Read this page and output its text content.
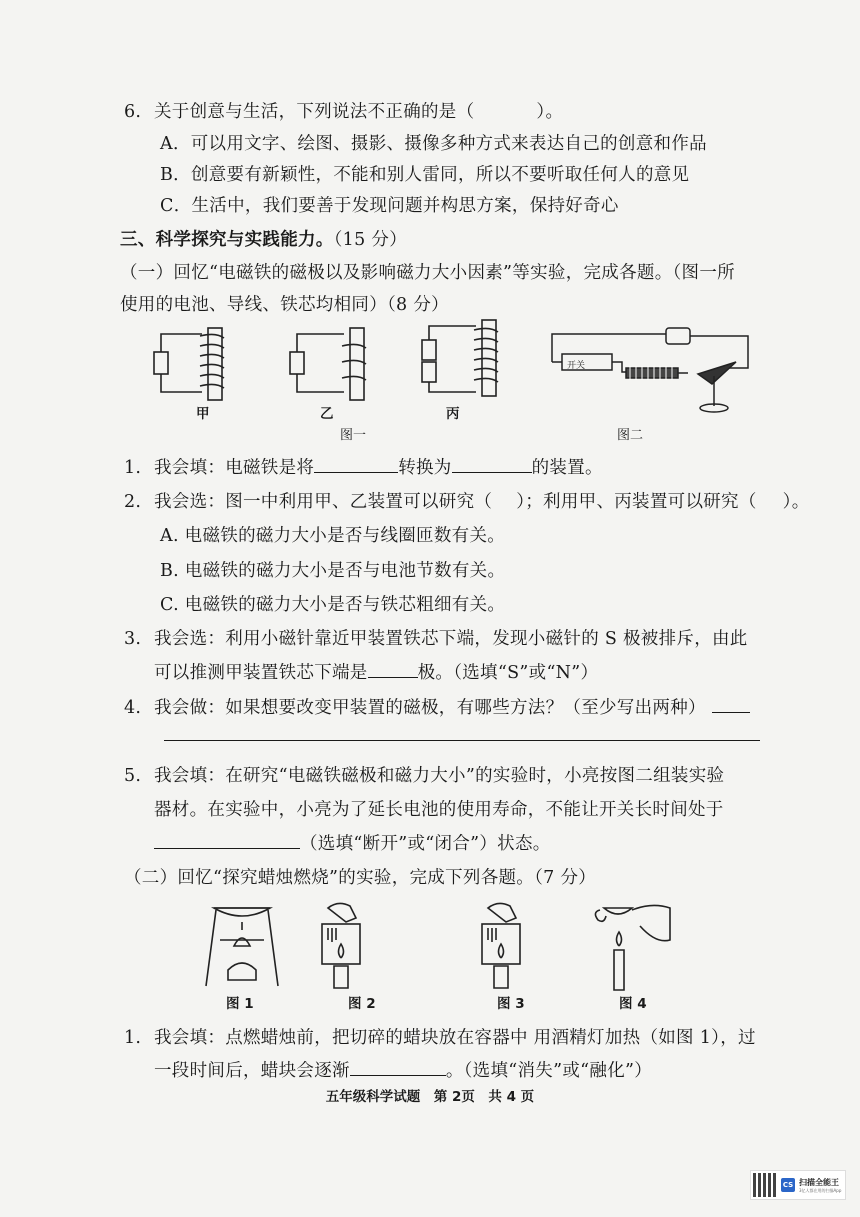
6. 关于创意与生活，下列说法不正确的是（	）。
A．可以用文字、绘图、摄影、摄像多种方式来表达自己的创意和作品
B．创意要有新颖性，不能和别人雷同，所以不要听取任何人的意见
C．生活中，我们要善于发现问题并构思方案，保持好奇心
三、科学探究与实践能力。（15 分）
（一）回忆“电磁铁的磁极以及影响磁力大小因素”等实验，完成各题。（图一所
使用的电池、导线、铁芯均相同）（8 分）
甲	乙	丙
图一
开关
图二
1. 我会填：电磁铁是将	转换为	的装置。
2. 我会选：图一中利用甲、乙装置可以研究（ ）；利用甲、丙装置可以研究（ ）。
A. 电磁铁的磁力大小是否与线圈匝数有关。
B. 电磁铁的磁力大小是否与电池节数有关。
C. 电磁铁的磁力大小是否与铁芯粗细有关。
3. 我会选：利用小磁针靠近甲装置铁芯下端，发现小磁针的 S 极被排斥，由此
可以推测甲装置铁芯下端是	极。（选填“S”或“N”）
4. 我会做：如果想要改变甲装置的磁极，有哪些方法？（至少写出两种）
5. 我会填：在研究“电磁铁磁极和磁力大小”的实验时，小亮按图二组装实验
器材。在实验中，小亮为了延长电池的使用寿命，不能让开关长时间处于
（选填“断开”或“闭合”）状态。
（二）回忆“探究蜡烛燃烧”的实验，完成下列各题。（7 分）
图 1	图 2	图 3	图 4
1. 我会填：点燃蜡烛前，把切碎的蜡块放在容器中 用酒精灯加热（如图 1），过
一段时间后，蜡块会逐渐	。（选填“消失”或“融化”）
五年级科学试题　第 2页　共 4 页
CS 扫描全能王
3亿人都在用的扫描App
